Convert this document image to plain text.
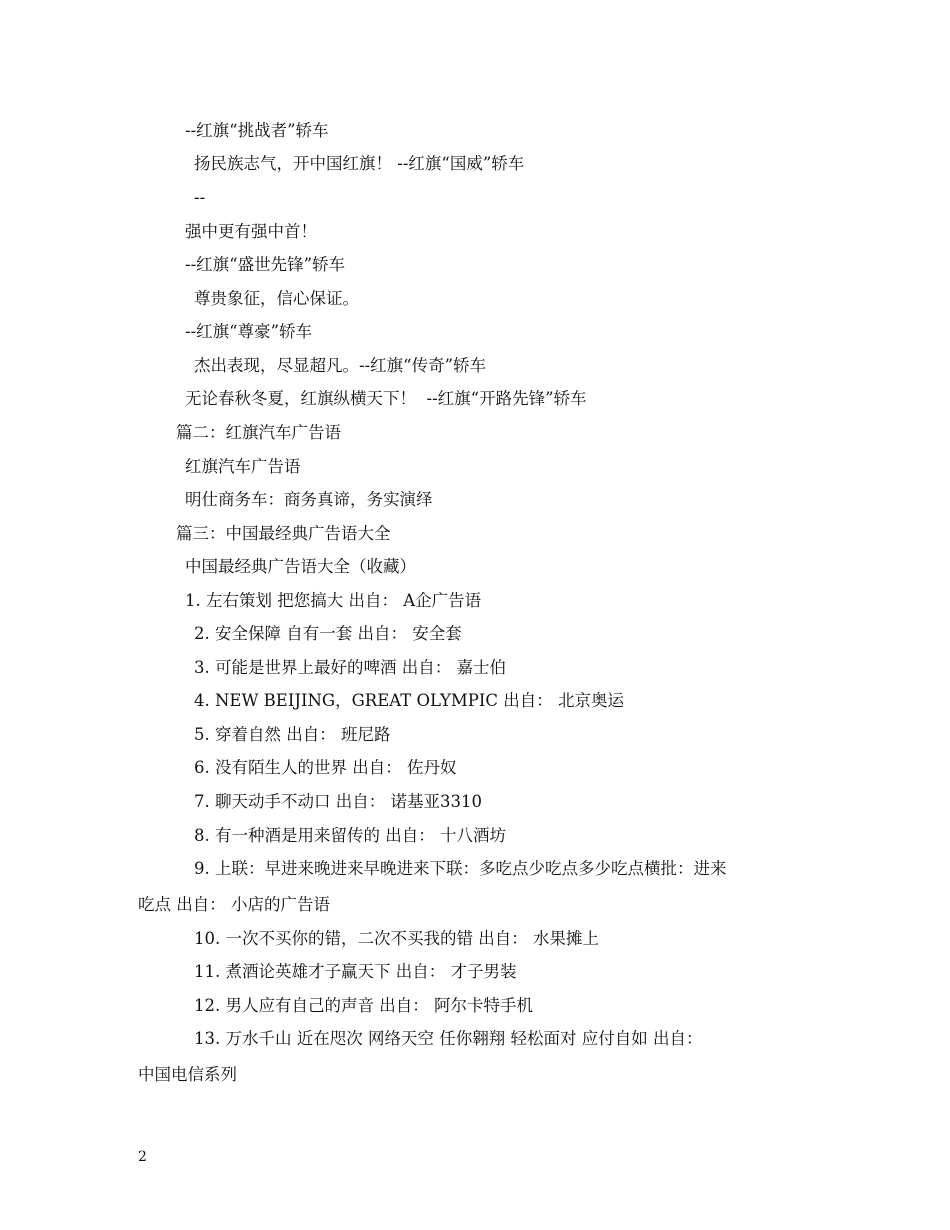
--红旗“挑战者”轿车
扬民族志气，开中国红旗！ --红旗“国威”轿车
--
强中更有强中首！
--红旗“盛世先锋”轿车
尊贵象征，信心保证。
--红旗“尊豪”轿车
杰出表现，尽显超凡。--红旗“传奇”轿车
无论春秋冬夏，红旗纵横天下！  --红旗“开路先锋”轿车
篇二：红旗汽车广告语
红旗汽车广告语
明仕商务车：商务真谛，务实演绎
篇三：中国最经典广告语大全
中国最经典广告语大全（收藏）
1. 左右策划 把您搞大 出自： A企广告语
2. 安全保障 自有一套 出自： 安全套
3. 可能是世界上最好的啤酒 出自： 嘉士伯
4. NEW BEIJING，GREAT OLYMPIC 出自： 北京奥运
5. 穿着自然 出自： 班尼路
6. 没有陌生人的世界 出自： 佐丹奴
7. 聊天动手不动口 出自： 诺基亚3310
8. 有一种酒是用来留传的 出自： 十八酒坊
9. 上联：早进来晚进来早晚进来下联：多吃点少吃点多少吃点横批：进来
吃点 出自： 小店的广告语
10. 一次不买你的错，二次不买我的错 出自： 水果摊上
11. 煮酒论英雄才子赢天下 出自： 才子男装
12. 男人应有自己的声音 出自： 阿尔卡特手机
13. 万水千山 近在咫次 网络天空 任你翱翔 轻松面对 应付自如 出自：
中国电信系列
2
